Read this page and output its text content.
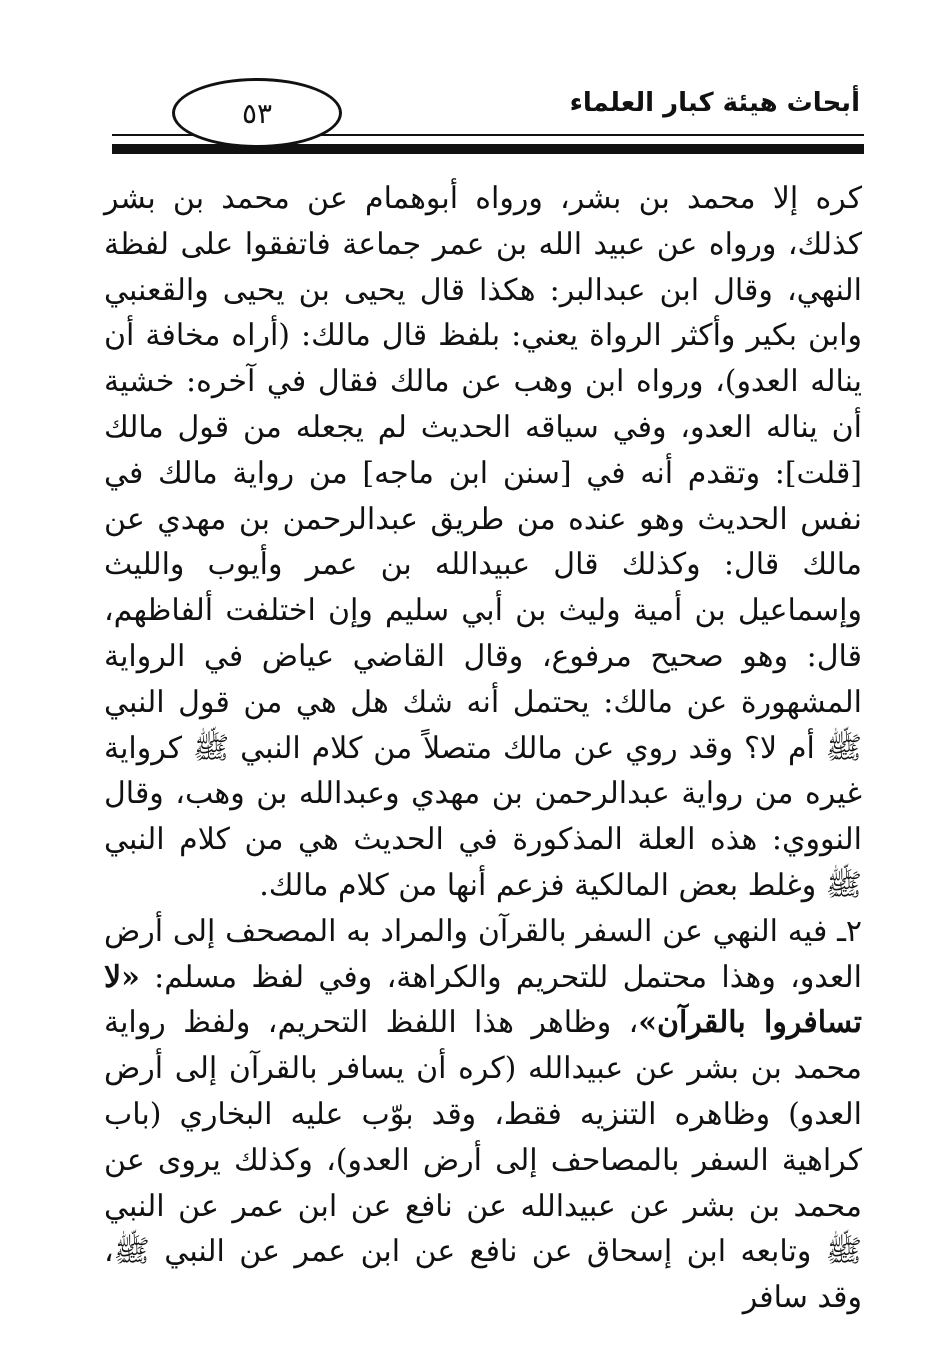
٥٣	أبحاث هيئة كبار العلماء

كره إلا محمد بن بشر، ورواه أبوهمام عن محمد بن بشر كذلك، ورواه عن عبيد الله بن عمر جماعة فاتفقوا على لفظة النهي، وقال ابن عبدالبر: هكذا قال يحيى بن يحيى والقعنبي وابن بكير وأكثر الرواة يعني: بلفظ قال مالك: (أراه مخافة أن يناله العدو)، ورواه ابن وهب عن مالك فقال في آخره: خشية أن يناله العدو، وفي سياقه الحديث لم يجعله من قول مالك [قلت]: وتقدم أنه في [سنن ابن ماجه] من رواية مالك في نفس الحديث وهو عنده من طريق عبدالرحمن بن مهدي عن مالك قال: وكذلك قال عبيدالله بن عمر وأيوب والليث وإسماعيل بن أمية وليث بن أبي سليم وإن اختلفت ألفاظهم، قال: وهو صحيح مرفوع، وقال القاضي عياض في الرواية المشهورة عن مالك: يحتمل أنه شك هل هي من قول النبي ﷺ أم لا؟ وقد روي عن مالك متصلاً من كلام النبي ﷺ كرواية غيره من رواية عبدالرحمن بن مهدي وعبدالله بن وهب، وقال النووي: هذه العلة المذكورة في الحديث هي من كلام النبي ﷺ وغلط بعض المالكية فزعم أنها من كلام مالك.

٢ـ فيه النهي عن السفر بالقرآن والمراد به المصحف إلى أرض العدو، وهذا محتمل للتحريم والكراهة، وفي لفظ مسلم: «لا تسافروا بالقرآن»، وظاهر هذا اللفظ التحريم، ولفظ رواية محمد بن بشر عن عبيدالله (كره أن يسافر بالقرآن إلى أرض العدو) وظاهره التنزيه فقط، وقد بوّب عليه البخاري (باب كراهية السفر بالمصاحف إلى أرض العدو)، وكذلك يروى عن محمد بن بشر عن عبيدالله عن نافع عن ابن عمر عن النبي ﷺ وتابعه ابن إسحاق عن نافع عن ابن عمر عن النبي ﷺ، وقد سافر
